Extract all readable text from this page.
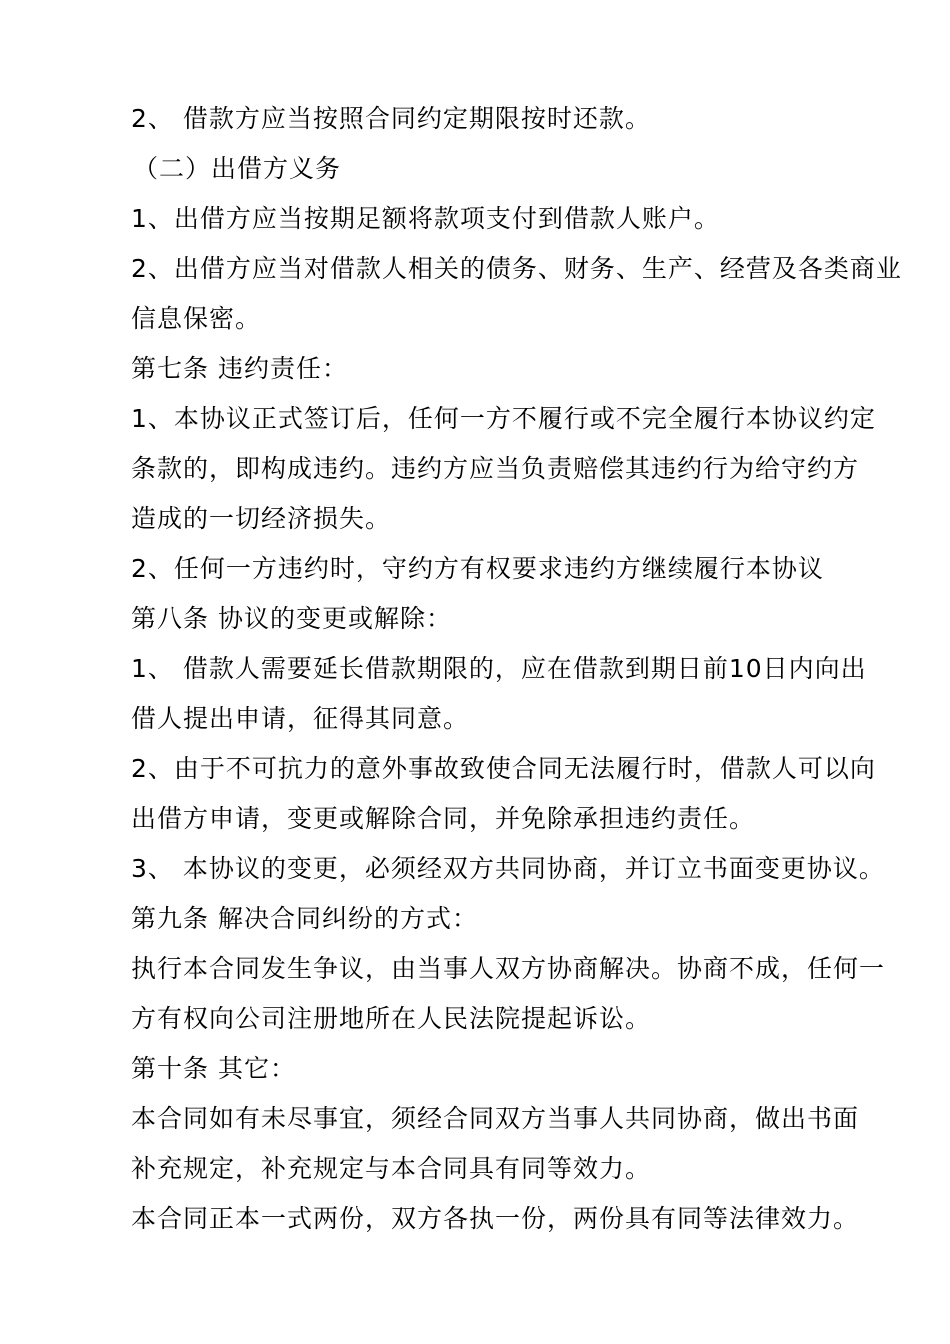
2、 借款方应当按照合同约定期限按时还款。
（二）出借方义务
1、出借方应当按期足额将款项支付到借款人账户。
2、出借方应当对借款人相关的债务、财务、生产、经营及各类商业
信息保密。
第七条 违约责任：
1、本协议正式签订后，任何一方不履行或不完全履行本协议约定
条款的，即构成违约。违约方应当负责赔偿其违约行为给守约方
造成的一切经济损失。
2、任何一方违约时，守约方有权要求违约方继续履行本协议
第八条 协议的变更或解除：
1、 借款人需要延长借款期限的，应在借款到期日前10日内向出
借人提出申请，征得其同意。
2、由于不可抗力的意外事故致使合同无法履行时，借款人可以向
出借方申请，变更或解除合同，并免除承担违约责任。
3、 本协议的变更，必须经双方共同协商，并订立书面变更协议。
第九条 解决合同纠纷的方式：
执行本合同发生争议，由当事人双方协商解决。协商不成，任何一
方有权向公司注册地所在人民法院提起诉讼。
第十条 其它：
本合同如有未尽事宜，须经合同双方当事人共同协商，做出书面
补充规定，补充规定与本合同具有同等效力。
本合同正本一式两份，双方各执一份，两份具有同等法律效力。
